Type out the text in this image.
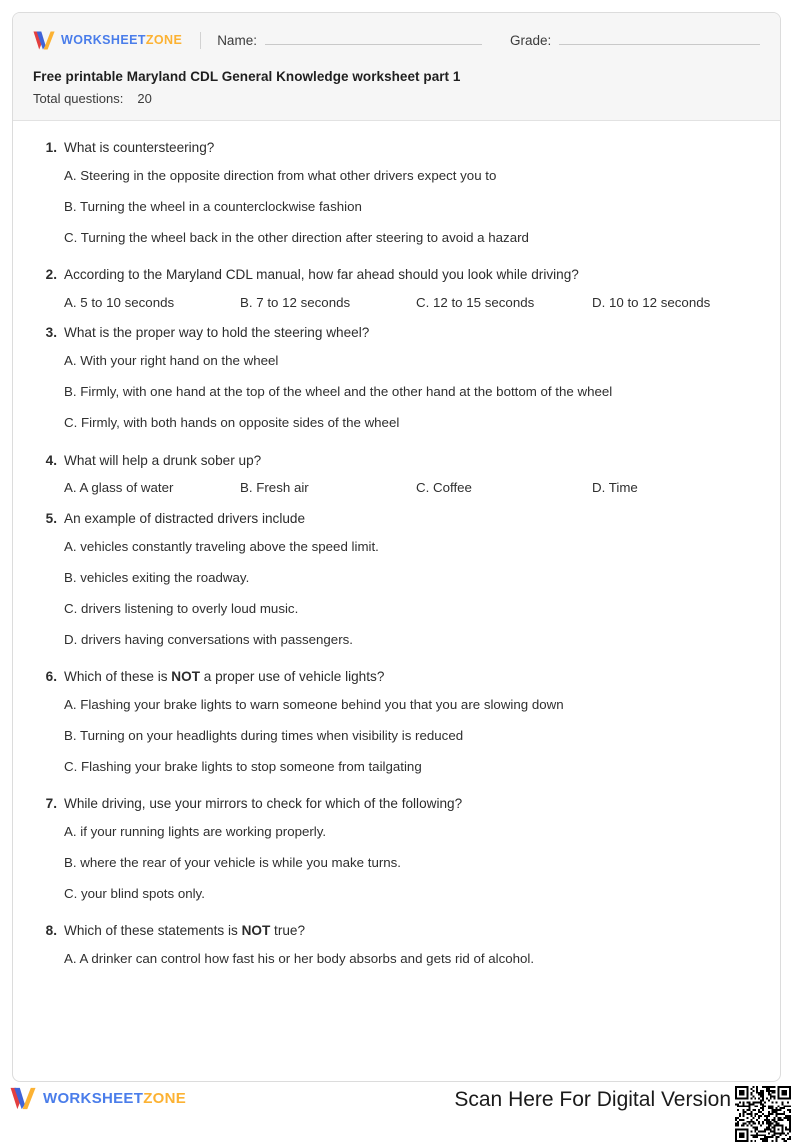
WORKSHEETZONE	Name:	Grade:
Free printable Maryland CDL General Knowledge worksheet part 1
Total questions: 20
1. What is countersteering?
A. Steering in the opposite direction from what other drivers expect you to
B. Turning the wheel in a counterclockwise fashion
C. Turning the wheel back in the other direction after steering to avoid a hazard
2. According to the Maryland CDL manual, how far ahead should you look while driving?
A. 5 to 10 seconds	B. 7 to 12 seconds	C. 12 to 15 seconds	D. 10 to 12 seconds
3. What is the proper way to hold the steering wheel?
A. With your right hand on the wheel
B. Firmly, with one hand at the top of the wheel and the other hand at the bottom of the wheel
C. Firmly, with both hands on opposite sides of the wheel
4. What will help a drunk sober up?
A. A glass of water	B. Fresh air	C. Coffee	D. Time
5. An example of distracted drivers include
A. vehicles constantly traveling above the speed limit.
B. vehicles exiting the roadway.
C. drivers listening to overly loud music.
D. drivers having conversations with passengers.
6. Which of these is NOT a proper use of vehicle lights?
A. Flashing your brake lights to warn someone behind you that you are slowing down
B. Turning on your headlights during times when visibility is reduced
C. Flashing your brake lights to stop someone from tailgating
7. While driving, use your mirrors to check for which of the following?
A. if your running lights are working properly.
B. where the rear of your vehicle is while you make turns.
C. your blind spots only.
8. Which of these statements is NOT true?
A. A drinker can control how fast his or her body absorbs and gets rid of alcohol.
WORKSHEETZONE	Scan Here For Digital Version
